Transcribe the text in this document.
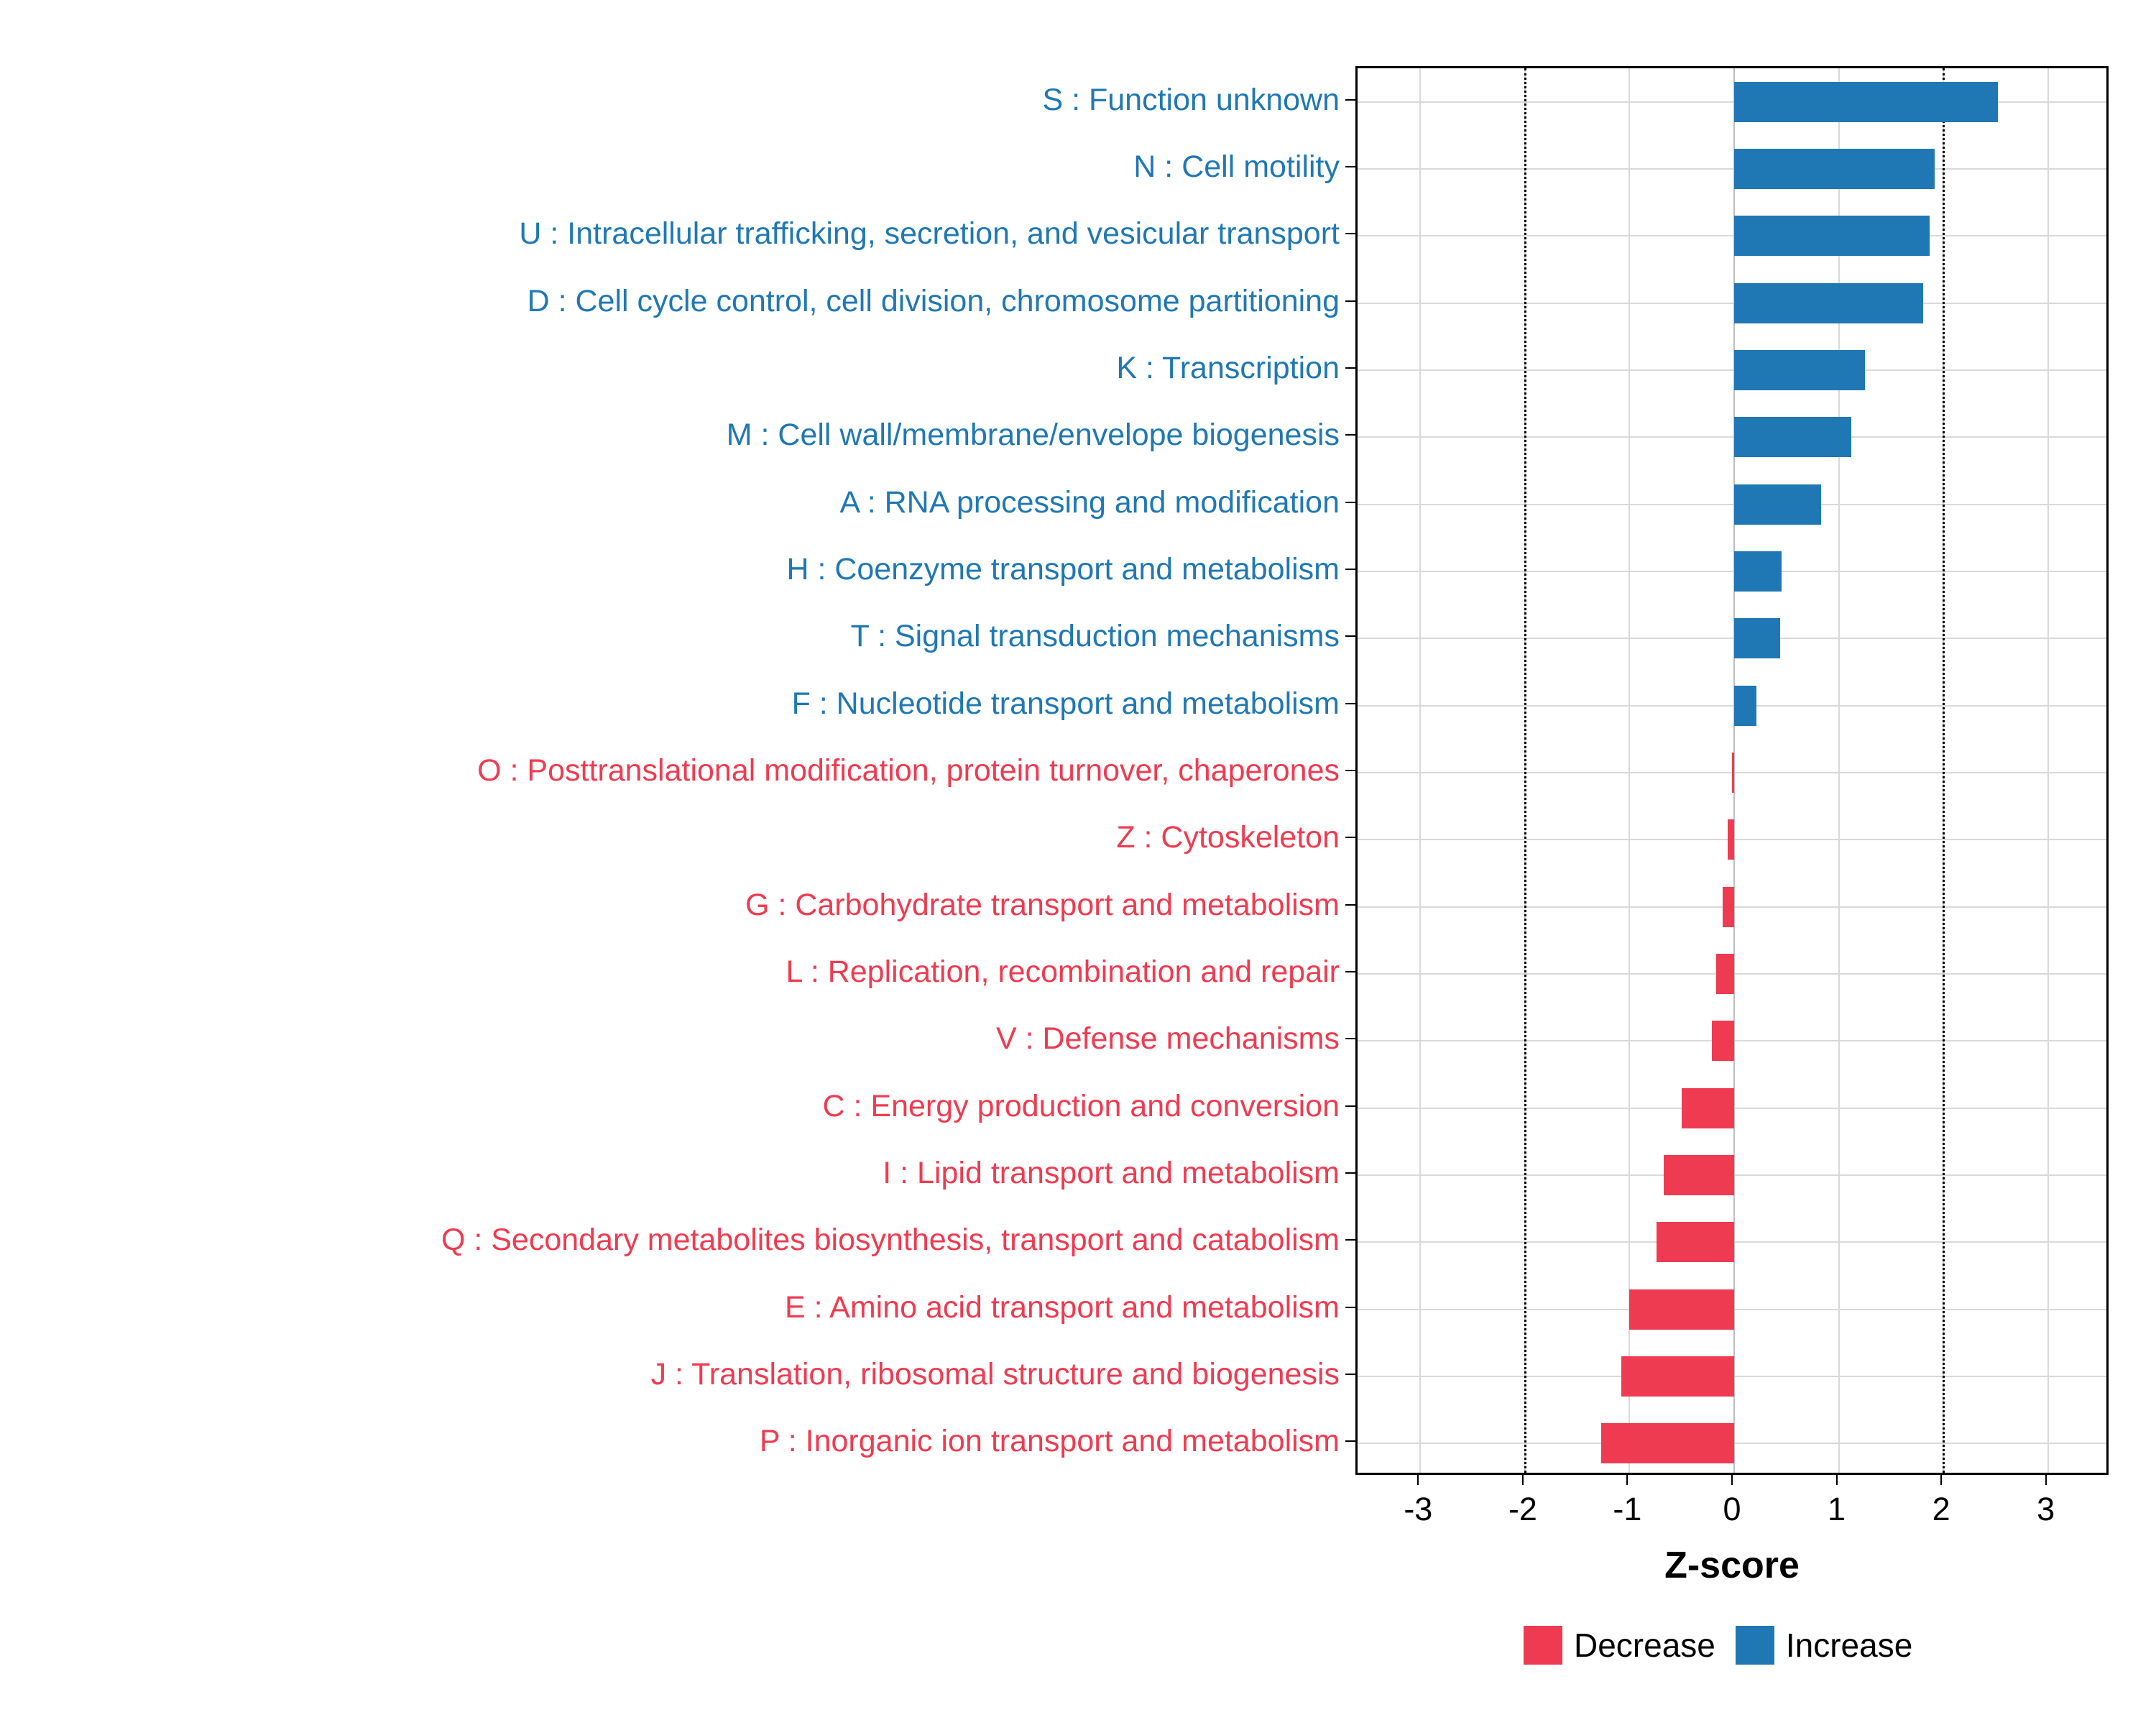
Z-score
Decrease Increase
S : Function unknown
N : Cell motility
U : Intracellular trafficking, secretion, and vesicular transport
D : Cell cycle control, cell division, chromosome partitioning
K : Transcription
M : Cell wall/membrane/envelope biogenesis
A : RNA processing and modification
H : Coenzyme transport and metabolism
T : Signal transduction mechanisms
F : Nucleotide transport and metabolism
O : Posttranslational modification, protein turnover, chaperones
Z : Cytoskeleton
G : Carbohydrate transport and metabolism
L : Replication, recombination and repair
V : Defense mechanisms
C : Energy production and conversion
I : Lipid transport and metabolism
Q : Secondary metabolites biosynthesis, transport and catabolism
E : Amino acid transport and metabolism
J : Translation, ribosomal structure and biogenesis
P : Inorganic ion transport and metabolism
-3 -2 -1	0	1	2	3
